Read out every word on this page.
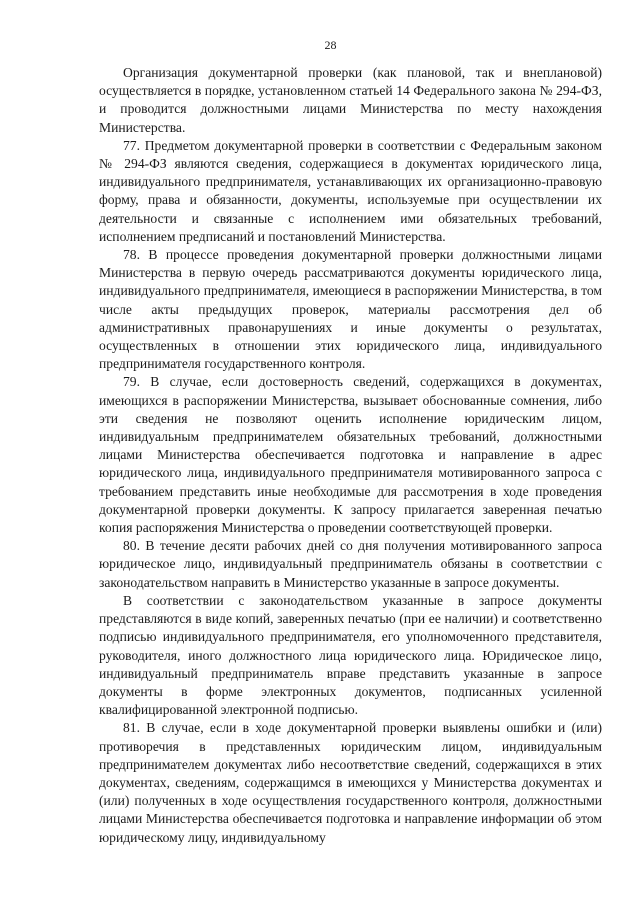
28

Организация документарной проверки (как плановой, так и внеплановой) осуществляется в порядке, установленном статьей 14 Федерального закона № 294-ФЗ, и проводится должностными лицами Министерства по месту нахождения Министерства.

77. Предметом документарной проверки в соответствии с Федеральным законом № 294-ФЗ являются сведения, содержащиеся в документах юридического лица, индивидуального предпринимателя, устанавливающих их организационно-правовую форму, права и обязанности, документы, используемые при осуществлении их деятельности и связанные с исполнением ими обязательных требований, исполнением предписаний и постановлений Министерства.

78. В процессе проведения документарной проверки должностными лицами Министерства в первую очередь рассматриваются документы юридического лица, индивидуального предпринимателя, имеющиеся в распоряжении Министерства, в том числе акты предыдущих проверок, материалы рассмотрения дел об административных правонарушениях и иные документы о результатах, осуществленных в отношении этих юридического лица, индивидуального предпринимателя государственного контроля.

79. В случае, если достоверность сведений, содержащихся в документах, имеющихся в распоряжении Министерства, вызывает обоснованные сомнения, либо эти сведения не позволяют оценить исполнение юридическим лицом, индивидуальным предпринимателем обязательных требований, должностными лицами Министерства обеспечивается подготовка и направление в адрес юридического лица, индивидуального предпринимателя мотивированного запроса с требованием представить иные необходимые для рассмотрения в ходе проведения документарной проверки документы. К запросу прилагается заверенная печатью копия распоряжения Министерства о проведении соответствующей проверки.

80. В течение десяти рабочих дней со дня получения мотивированного запроса юридическое лицо, индивидуальный предприниматель обязаны в соответствии с законодательством направить в Министерство указанные в запросе документы.

В соответствии с законодательством указанные в запросе документы представляются в виде копий, заверенных печатью (при ее наличии) и соответственно подписью индивидуального предпринимателя, его уполномоченного представителя, руководителя, иного должностного лица юридического лица. Юридическое лицо, индивидуальный предприниматель вправе представить указанные в запросе документы в форме электронных документов, подписанных усиленной квалифицированной электронной подписью.

81. В случае, если в ходе документарной проверки выявлены ошибки и (или) противоречия в представленных юридическим лицом, индивидуальным предпринимателем документах либо несоответствие сведений, содержащихся в этих документах, сведениям, содержащимся в имеющихся у Министерства документах и (или) полученных в ходе осуществления государственного контроля, должностными лицами Министерства обеспечивается подготовка и направление информации об этом юридическому лицу, индивидуальному
